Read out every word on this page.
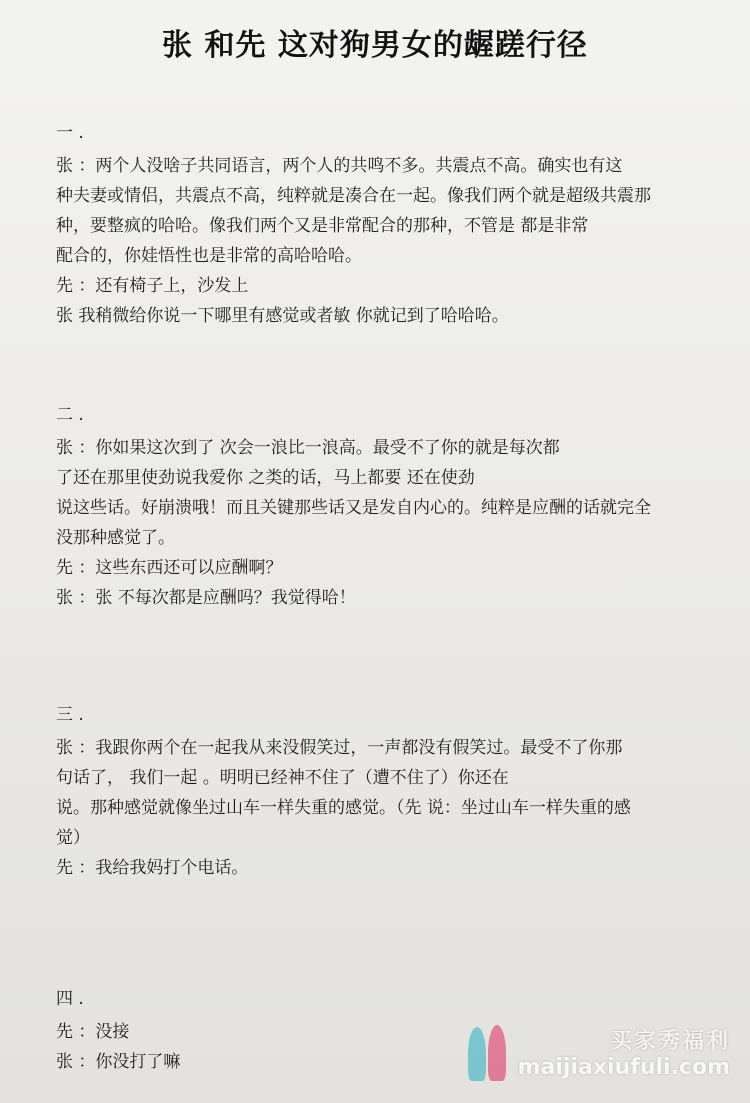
张 和先 这对狗男女的龌蹉行径
一 .
张 ：两个人没啥子共同语言，两个人的共鸣不多。共震点不高。确实也有这
种夫妻或情侣，共震点不高，纯粹就是凑合在一起。像我们两个就是超级共震那
种，要整疯的哈哈。像我们两个又是非常配合的那种，不管是 都是非常
配合的，你娃悟性也是非常的高哈哈哈。
先 ：还有椅子上，沙发上
张 我稍微给你说一下哪里有感觉或者敏 你就记到了哈哈哈。
二 .
张 ：你如果这次到了 次会一浪比一浪高。最受不了你的就是每次都
了还在那里使劲说我爱你 之类的话，马上都要 还在使劲
说这些话。好崩溃哦！而且关键那些话又是发自内心的。纯粹是应酬的话就完全
没那种感觉了。
先 ：这些东西还可以应酬啊？
张 ：张 不每次都是应酬吗？我觉得哈！
三 .
张 ：我跟你两个在一起我从来没假笑过，一声都没有假笑过。最受不了你那
句话了， 我们一起 。明明已经神不住了（遭不住了）你还在
说。那种感觉就像坐过山车一样失重的感觉。（先 说：坐过山车一样失重的感
觉）
先 ：我给我妈打个电话。
四 .
先 ：没接
张 ：你没打了嘛
买家秀福利
maijiaxiufuli.com
